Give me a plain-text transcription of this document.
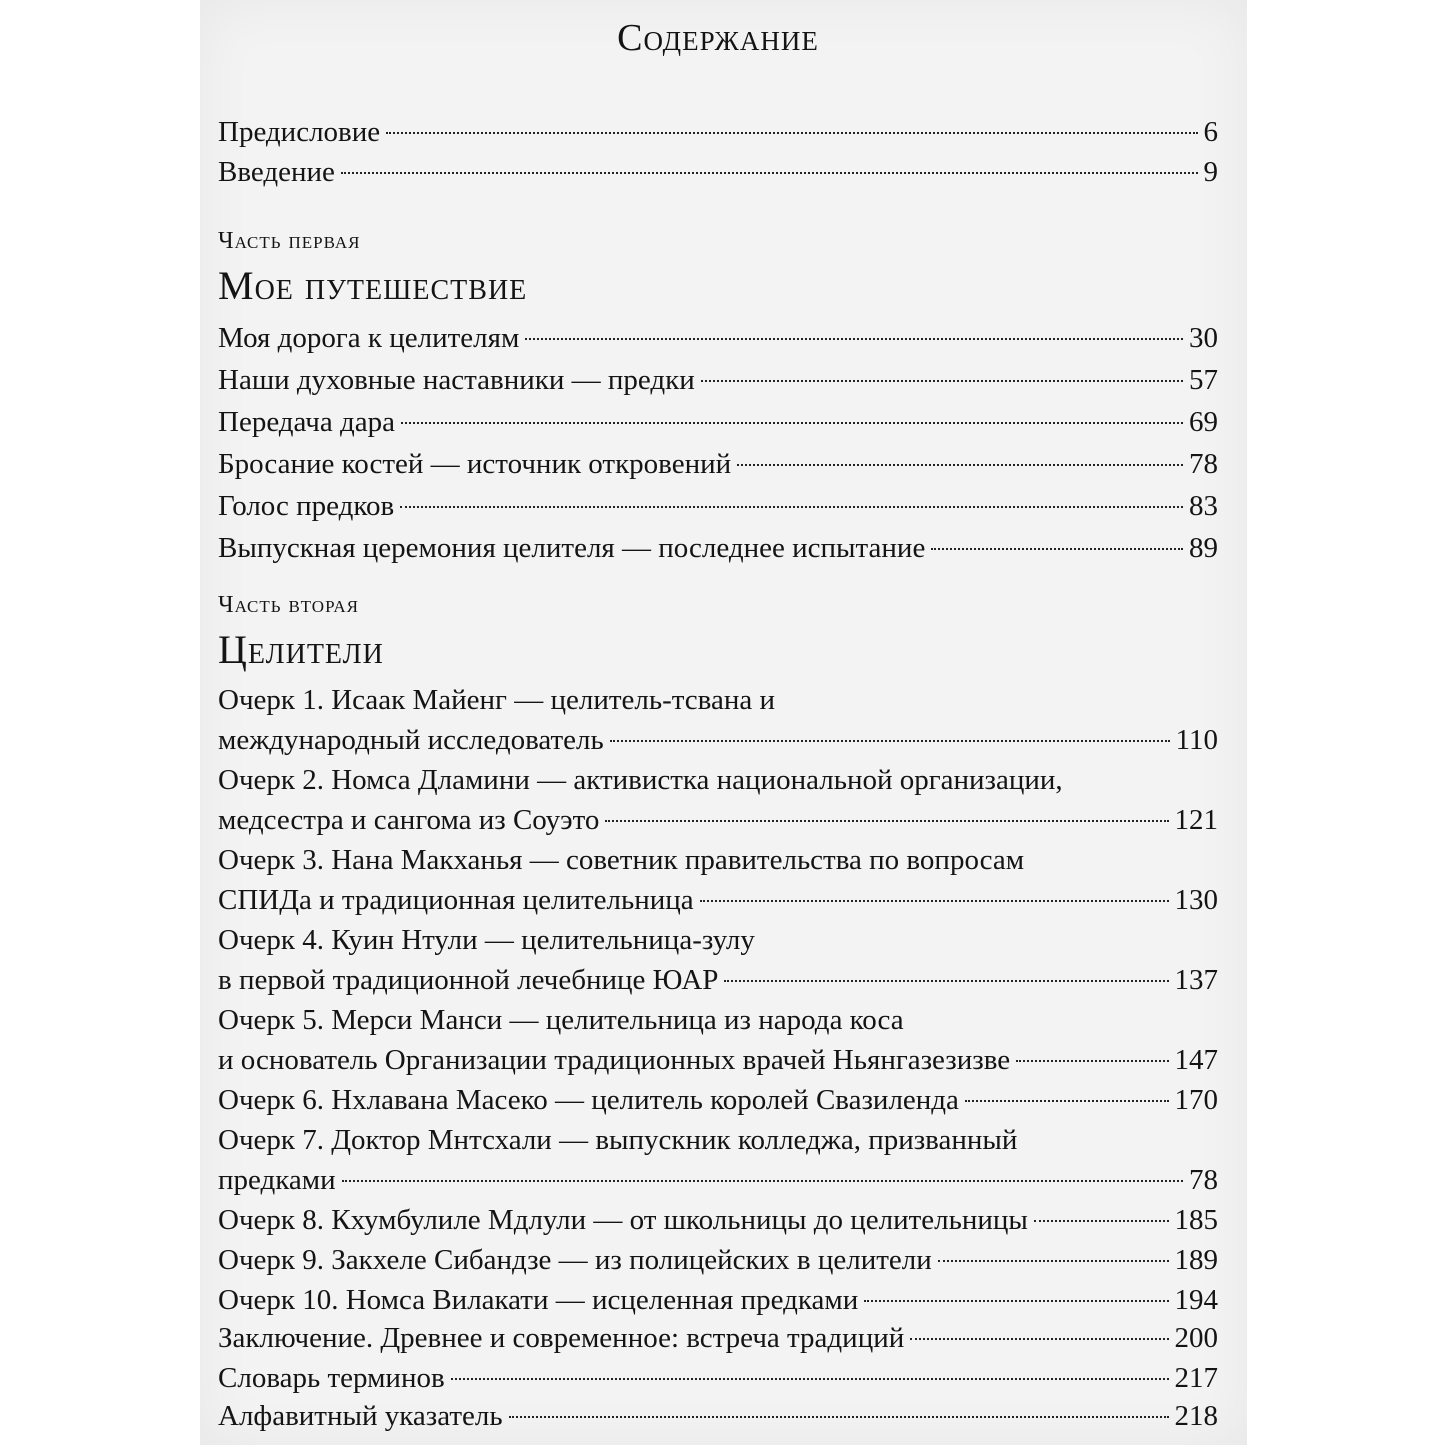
Содержание
Предисловие	6
Введение	9
Часть первая
Мое путешествие
Моя дорога к целителям	30
Наши духовные наставники — предки	57
Передача дара	69
Бросание костей — источник откровений	78
Голос предков	83
Выпускная церемония целителя — последнее испытание	89
Часть вторая
Целители
Очерк 1. Исаак Майенг — целитель-тсвана и
международный исследователь	110
Очерк 2. Номса Дламини — активистка национальной организации,
медсестра и сангома из Соуэто	121
Очерк 3. Нана Макханья — советник правительства по вопросам
СПИДа и традиционная целительница	130
Очерк 4. Куин Нтули — целительница-зулу
в первой традиционной лечебнице ЮАР	137
Очерк 5. Мерси Манси — целительница из народа коса
и основатель Организации традиционных врачей Ньянгазезизве	147
Очерк 6. Нхлавана Масеко — целитель королей Свазиленда	170
Очерк 7. Доктор Мнтсхали — выпускник колледжа, призванный
предками	78
Очерк 8. Кхумбулиле Мдлули — от школьницы до целительницы	185
Очерк 9. Закхеле Сибандзе — из полицейских в целители	189
Очерк 10. Номса Вилакати — исцеленная предками	194
Заключение. Древнее и современное: встреча традиций	200
Словарь терминов	217
Алфавитный указатель	218
